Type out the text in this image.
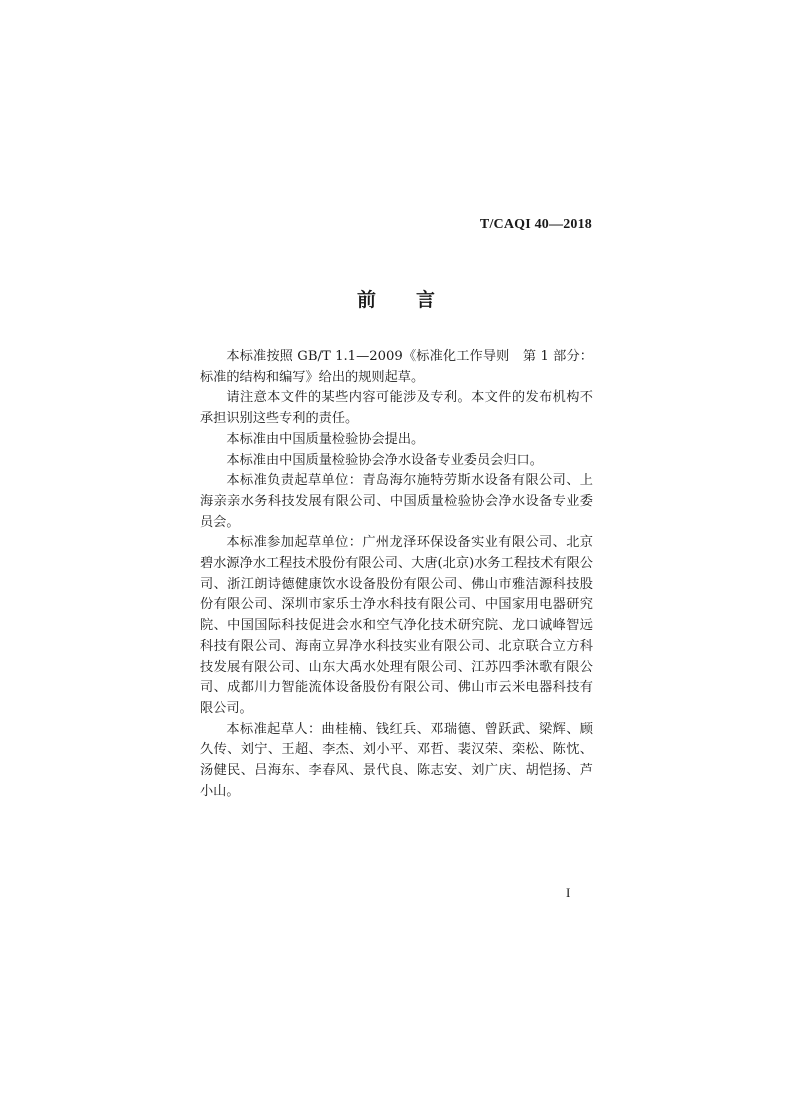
T/CAQI 40—2018
前 言

本标准按照 GB/T 1.1—2009《标准化工作导则　第 1 部分：标准的结构和编写》给出的规则起草。

请注意本文件的某些内容可能涉及专利。本文件的发布机构不承担识别这些专利的责任。

本标准由中国质量检验协会提出。

本标准由中国质量检验协会净水设备专业委员会归口。

本标准负责起草单位：青岛海尔施特劳斯水设备有限公司、上海亲亲水务科技发展有限公司、中国质量检验协会净水设备专业委员会。

本标准参加起草单位：广州龙泽环保设备实业有限公司、北京碧水源净水工程技术股份有限公司、大唐(北京)水务工程技术有限公司、浙江朗诗德健康饮水设备股份有限公司、佛山市雅洁源科技股份有限公司、深圳市家乐士净水科技有限公司、中国家用电器研究院、中国国际科技促进会水和空气净化技术研究院、龙口诚峰智远科技有限公司、海南立昇净水科技实业有限公司、北京联合立方科技发展有限公司、山东大禹水处理有限公司、江苏四季沐歌有限公司、成都川力智能流体设备股份有限公司、佛山市云米电器科技有限公司。

本标准起草人：曲桂楠、钱红兵、邓瑞德、曾跃武、梁辉、顾久传、刘宁、王超、李杰、刘小平、邓哲、裴汉荣、栾松、陈忱、汤健民、吕海东、李春风、景代良、陈志安、刘广庆、胡恺扬、芦小山。

I
